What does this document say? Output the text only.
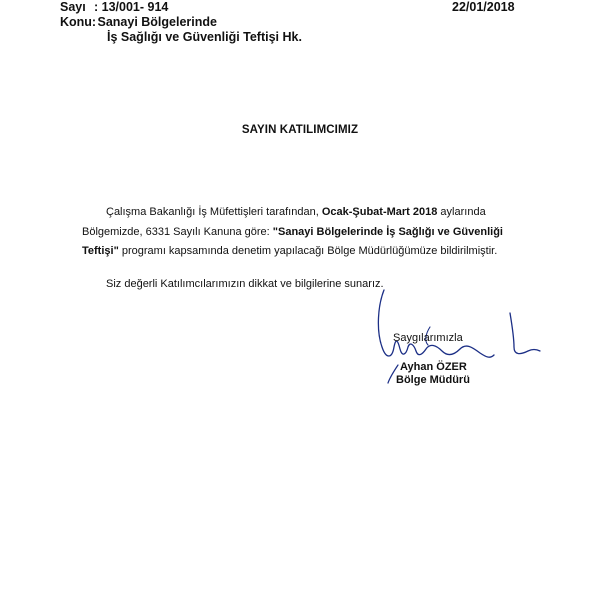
Sayı : 13/001- 914	22/01/2018
Konu: Sanayi Bölgelerinde
İş Sağlığı ve Güvenliği Teftişi Hk.
SAYIN KATILIMCIMIZ

Çalışma Bakanlığı İş Müfettişleri tarafından, Ocak-Şubat-Mart 2018 aylarında Bölgemizde, 6331 Sayılı Kanuna göre: "Sanayi Bölgelerinde İş Sağlığı ve Güvenliği Teftişi" programı kapsamında denetim yapılacağı Bölge Müdürlüğümüze bildirilmiştir.

Siz değerli Katılımcılarımızın dikkat ve bilgilerine sunarız.

Saygılarımızla
Ayhan ÖZER
Bölge Müdürü
